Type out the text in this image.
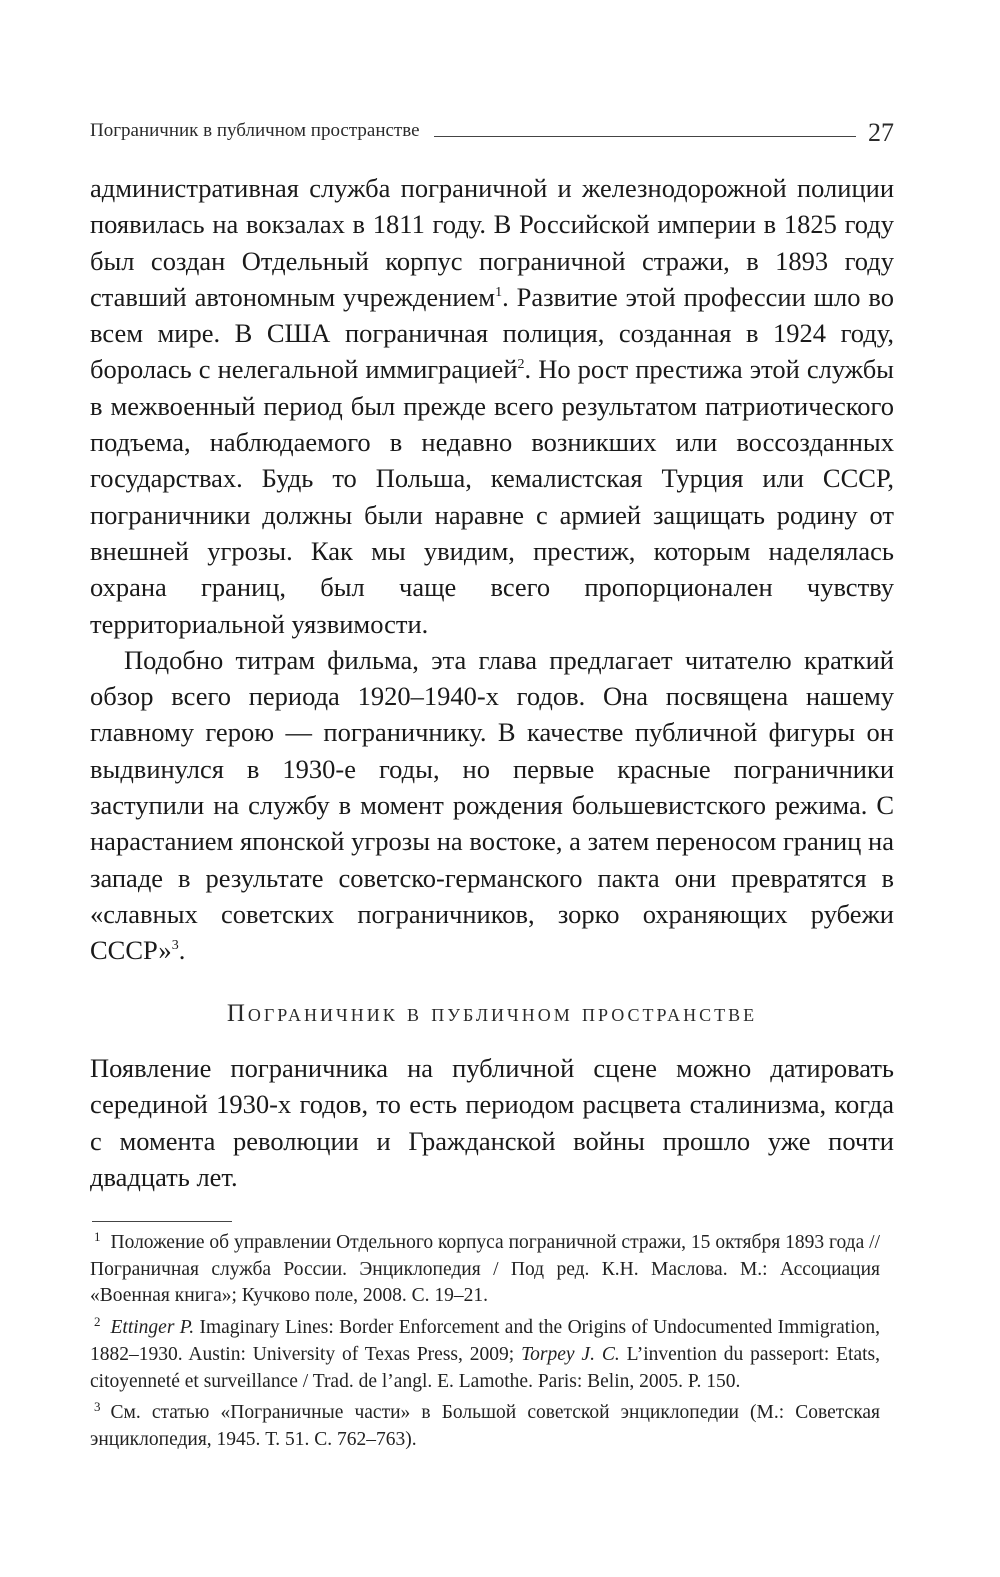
Пограничник в публичном пространстве	27

административная служба пограничной и железнодорожной полиции появилась на вокзалах в 1811 году. В Российской империи в 1825 году был создан Отдельный корпус пограничной стражи, в 1893 году ставший автономным учреждением$^1$. Развитие этой профессии шло во всем мире. В США пограничная полиция, созданная в 1924 году, боролась с нелегальной иммиграцией$^2$. Но рост престижа этой службы в межвоенный период был прежде всего результатом патриотического подъема, наблюдаемого в недавно возникших или воссозданных государствах. Будь то Польша, кемалистская Турция или СССР, пограничники должны были наравне с армией защищать родину от внешней угрозы. Как мы увидим, престиж, которым наделялась охрана границ, был чаще всего пропорционален чувству территориальной уязвимости.

Подобно титрам фильма, эта глава предлагает читателю краткий обзор всего периода 1920–1940-х годов. Она посвящена нашему главному герою — пограничнику. В качестве публичной фигуры он выдвинулся в 1930-е годы, но первые красные пограничники заступили на службу в момент рождения большевистского режима. С нарастанием японской угрозы на востоке, а затем переносом границ на западе в результате советско-германского пакта они превратятся в «славных советских пограничников, зорко охраняющих рубежи СССР»$^3$.

Пограничник в публичном пространстве

Появление пограничника на публичной сцене можно датировать серединой 1930-х годов, то есть периодом расцвета сталинизма, когда с момента революции и Гражданской войны прошло уже почти двадцать лет.

$^1$ Положение об управлении Отдельного корпуса пограничной стражи, 15 октября 1893 года // Пограничная служба России. Энциклопедия / Под ред. К.Н. Маслова. М.: Ассоциация «Военная книга»; Кучково поле, 2008. С. 19–21.

$^2$ Ettinger P. Imaginary Lines: Border Enforcement and the Origins of Undocumented Immigration, 1882–1930. Austin: University of Texas Press, 2009; Torpey J. C. L’invention du passeport: Etats, citoyenneté et surveillance / Trad. de l’angl. E. Lamothe. Paris: Belin, 2005. P. 150.

$^3$ См. статью «Пограничные части» в Большой советской энциклопедии (М.: Советская энциклопедия, 1945. Т. 51. С. 762–763).
